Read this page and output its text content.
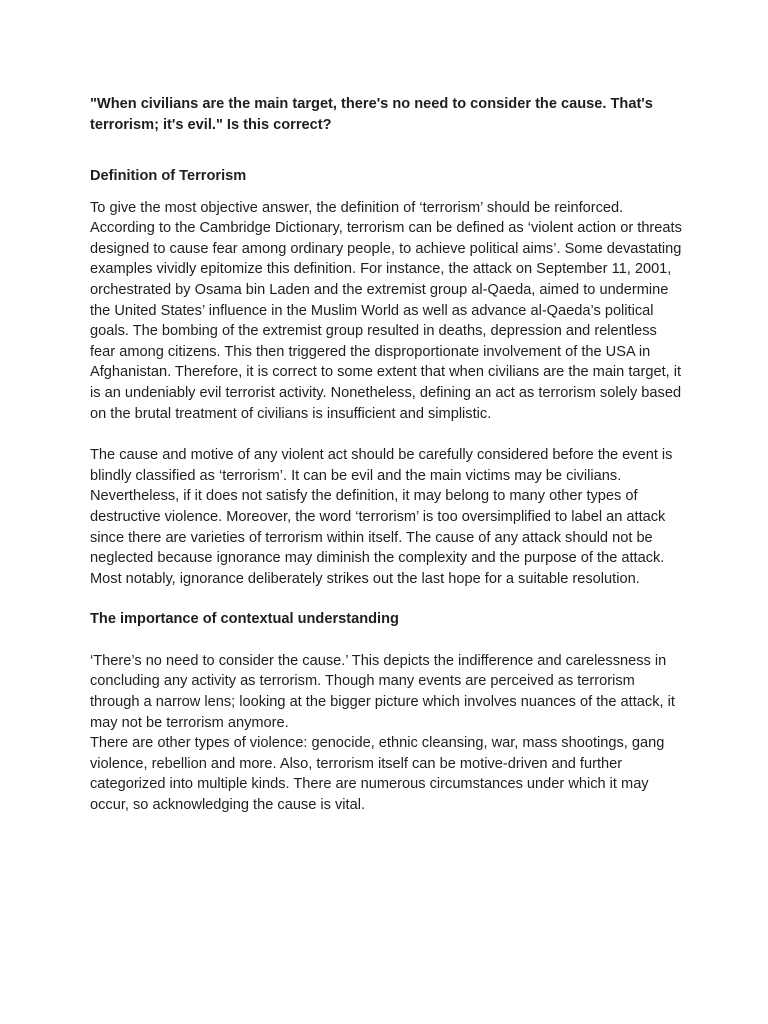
"When civilians are the main target, there's no need to consider the cause. That's terrorism; it's evil." Is this correct?

Definition of Terrorism

To give the most objective answer, the definition of ‘terrorism’ should be reinforced. According to the Cambridge Dictionary, terrorism can be defined as ‘violent action or threats designed to cause fear among ordinary people, to achieve political aims’. Some devastating examples vividly epitomize this definition. For instance, the attack on September 11, 2001, orchestrated by Osama bin Laden and the extremist group al-Qaeda, aimed to undermine the United States’ influence in the Muslim World as well as advance al-Qaeda’s political goals. The bombing of the extremist group resulted in deaths, depression and relentless fear among citizens. This then triggered the disproportionate involvement of the USA in Afghanistan. Therefore, it is correct to some extent that when civilians are the main target, it is an undeniably evil terrorist activity. Nonetheless, defining an act as terrorism solely based on the brutal treatment of civilians is insufficient and simplistic.

The cause and motive of any violent act should be carefully considered before the event is blindly classified as ‘terrorism’. It can be evil and the main victims may be civilians. Nevertheless, if it does not satisfy the definition, it may belong to many other types of destructive violence. Moreover, the word ‘terrorism’ is too oversimplified to label an attack since there are varieties of terrorism within itself. The cause of any attack should not be neglected because ignorance may diminish the complexity and the purpose of the attack. Most notably, ignorance deliberately strikes out the last hope for a suitable resolution.

The importance of contextual understanding

‘There’s no need to consider the cause.’ This depicts the indifference and carelessness in concluding any activity as terrorism. Though many events are perceived as terrorism through a narrow lens; looking at the bigger picture which involves nuances of the attack, it may not be terrorism anymore.

There are other types of violence: genocide, ethnic cleansing, war, mass shootings, gang violence, rebellion and more. Also, terrorism itself can be motive-driven and further categorized into multiple kinds. There are numerous circumstances under which it may occur, so acknowledging the cause is vital.
